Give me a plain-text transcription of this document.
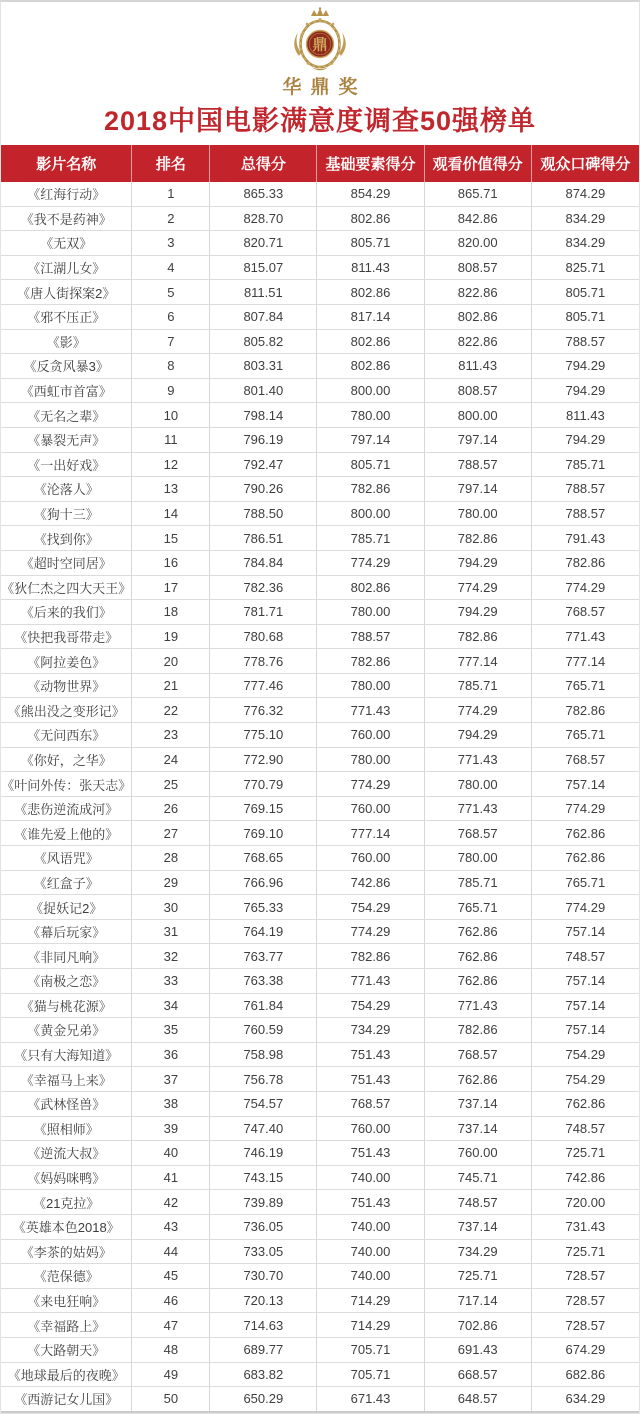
鼎
华鼎奖
2018中国电影满意度调查50强榜单
影片名称	排名	总得分	基础要素得分	观看价值得分	观众口碑得分
《红海行动》	1	865.33	854.29	865.71	874.29
《我不是药神》	2	828.70	802.86	842.86	834.29
《无双》	3	820.71	805.71	820.00	834.29
《江湖儿女》	4	815.07	811.43	808.57	825.71
《唐人街探案2》	5	811.51	802.86	822.86	805.71
《邪不压正》	6	807.84	817.14	802.86	805.71
《影》	7	805.82	802.86	822.86	788.57
《反贪风暴3》	8	803.31	802.86	811.43	794.29
《西虹市首富》	9	801.40	800.00	808.57	794.29
《无名之辈》	10	798.14	780.00	800.00	811.43
《暴裂无声》	11	796.19	797.14	797.14	794.29
《一出好戏》	12	792.47	805.71	788.57	785.71
《沦落人》	13	790.26	782.86	797.14	788.57
《狗十三》	14	788.50	800.00	780.00	788.57
《找到你》	15	786.51	785.71	782.86	791.43
《超时空同居》	16	784.84	774.29	794.29	782.86
《狄仁杰之四大天王》	17	782.36	802.86	774.29	774.29
《后来的我们》	18	781.71	780.00	794.29	768.57
《快把我哥带走》	19	780.68	788.57	782.86	771.43
《阿拉姜色》	20	778.76	782.86	777.14	777.14
《动物世界》	21	777.46	780.00	785.71	765.71
《熊出没之变形记》	22	776.32	771.43	774.29	782.86
《无问西东》	23	775.10	760.00	794.29	765.71
《你好，之华》	24	772.90	780.00	771.43	768.57
《叶问外传：张天志》	25	770.79	774.29	780.00	757.14
《悲伤逆流成河》	26	769.15	760.00	771.43	774.29
《谁先爱上他的》	27	769.10	777.14	768.57	762.86
《风语咒》	28	768.65	760.00	780.00	762.86
《红盒子》	29	766.96	742.86	785.71	765.71
《捉妖记2》	30	765.33	754.29	765.71	774.29
《幕后玩家》	31	764.19	774.29	762.86	757.14
《非同凡响》	32	763.77	782.86	762.86	748.57
《南极之恋》	33	763.38	771.43	762.86	757.14
《猫与桃花源》	34	761.84	754.29	771.43	757.14
《黄金兄弟》	35	760.59	734.29	782.86	757.14
《只有大海知道》	36	758.98	751.43	768.57	754.29
《幸福马上来》	37	756.78	751.43	762.86	754.29
《武林怪兽》	38	754.57	768.57	737.14	762.86
《照相师》	39	747.40	760.00	737.14	748.57
《逆流大叔》	40	746.19	751.43	760.00	725.71
《妈妈咪鸭》	41	743.15	740.00	745.71	742.86
《21克拉》	42	739.89	751.43	748.57	720.00
《英雄本色2018》	43	736.05	740.00	737.14	731.43
《李茶的姑妈》	44	733.05	740.00	734.29	725.71
《范保德》	45	730.70	740.00	725.71	728.57
《来电狂响》	46	720.13	714.29	717.14	728.57
《幸福路上》	47	714.63	714.29	702.86	728.57
《大路朝天》	48	689.77	705.71	691.43	674.29
《地球最后的夜晚》	49	683.82	705.71	668.57	682.86
《西游记女儿国》	50	650.29	671.43	648.57	634.29
